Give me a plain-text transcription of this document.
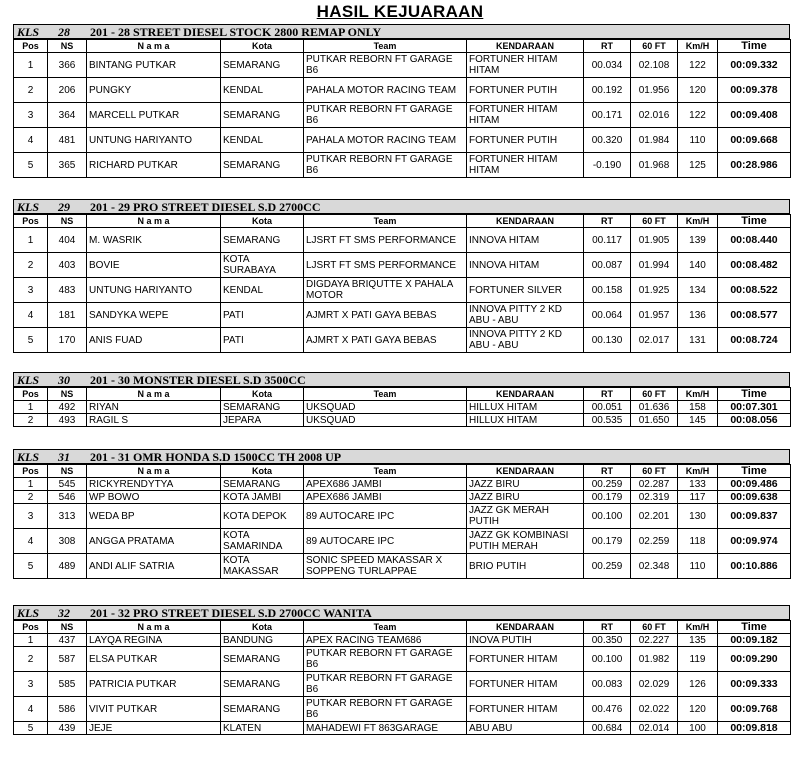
HASIL KEJUARAAN
KLS 28 201 - 28 STREET DIESEL STOCK 2800 REMAP ONLY
Pos	NS	N a m a	Kota	Team	KENDARAAN	RT	60 FT	Km/H	Time
1	366	BINTANG PUTKAR	SEMARANG	PUTKAR REBORN FT GARAGE B6	FORTUNER HITAM HITAM	00.034	02.108	122	00:09.332
2	206	PUNGKY	KENDAL	PAHALA MOTOR RACING TEAM	FORTUNER PUTIH	00.192	01.956	120	00:09.378
3	364	MARCELL PUTKAR	SEMARANG	PUTKAR REBORN FT GARAGE B6	FORTUNER HITAM HITAM	00.171	02.016	122	00:09.408
4	481	UNTUNG HARIYANTO	KENDAL	PAHALA MOTOR RACING TEAM	FORTUNER PUTIH	00.320	01.984	110	00:09.668
5	365	RICHARD PUTKAR	SEMARANG	PUTKAR REBORN FT GARAGE B6	FORTUNER HITAM HITAM	-0.190	01.968	125	00:28.986
KLS 29 201 - 29 PRO STREET DIESEL S.D 2700CC
Pos	NS	N a m a	Kota	Team	KENDARAAN	RT	60 FT	Km/H	Time
1	404	M. WASRIK	SEMARANG	LJSRT FT SMS PERFORMANCE	INNOVA HITAM	00.117	01.905	139	00:08.440
2	403	BOVIE	KOTA SURABAYA	LJSRT FT SMS PERFORMANCE	INNOVA HITAM	00.087	01.994	140	00:08.482
3	483	UNTUNG HARIYANTO	KENDAL	DIGDAYA BRIQUTTE X PAHALA MOTOR	FORTUNER SILVER	00.158	01.925	134	00:08.522
4	181	SANDYKA WEPE	PATI	AJMRT X PATI GAYA BEBAS	INNOVA PITTY 2 KD ABU - ABU	00.064	01.957	136	00:08.577
5	170	ANIS FUAD	PATI	AJMRT X PATI GAYA BEBAS	INNOVA PITTY 2 KD ABU - ABU	00.130	02.017	131	00:08.724
KLS 30 201 - 30 MONSTER DIESEL S.D 3500CC
Pos	NS	N a m a	Kota	Team	KENDARAAN	RT	60 FT	Km/H	Time
1	492	RIYAN	SEMARANG	UKSQUAD	HILLUX HITAM	00.051	01.636	158	00:07.301
2	493	RAGIL S	JEPARA	UKSQUAD	HILLUX HITAM	00.535	01.650	145	00:08.056
KLS 31 201 - 31 OMR HONDA S.D 1500CC TH 2008 UP
Pos	NS	N a m a	Kota	Team	KENDARAAN	RT	60 FT	Km/H	Time
1	545	RICKYRENDYTYA	SEMARANG	APEX686 JAMBI	JAZZ BIRU	00.259	02.287	133	00:09.486
2	546	WP BOWO	KOTA JAMBI	APEX686 JAMBI	JAZZ BIRU	00.179	02.319	117	00:09.638
3	313	WEDA BP	KOTA DEPOK	89 AUTOCARE IPC	JAZZ GK MERAH PUTIH	00.100	02.201	130	00:09.837
4	308	ANGGA PRATAMA	KOTA SAMARINDA	89 AUTOCARE IPC	JAZZ GK KOMBINASI PUTIH MERAH	00.179	02.259	118	00:09.974
5	489	ANDI ALIF SATRIA	KOTA MAKASSAR	SONIC SPEED MAKASSAR X SOPPENG TURLAPPAE	BRIO PUTIH	00.259	02.348	110	00:10.886
KLS 32 201 - 32 PRO STREET DIESEL S.D 2700CC WANITA
Pos	NS	N a m a	Kota	Team	KENDARAAN	RT	60 FT	Km/H	Time
1	437	LAYQA REGINA	BANDUNG	APEX RACING TEAM686	INOVA PUTIH	00.350	02.227	135	00:09.182
2	587	ELSA PUTKAR	SEMARANG	PUTKAR REBORN FT GARAGE B6	FORTUNER HITAM	00.100	01.982	119	00:09.290
3	585	PATRICIA PUTKAR	SEMARANG	PUTKAR REBORN FT GARAGE B6	FORTUNER HITAM	00.083	02.029	126	00:09.333
4	586	VIVIT PUTKAR	SEMARANG	PUTKAR REBORN FT GARAGE B6	FORTUNER HITAM	00.476	02.022	120	00:09.768
5	439	JEJE	KLATEN	MAHADEWI FT 863GARAGE	ABU ABU	00.684	02.014	100	00:09.818
